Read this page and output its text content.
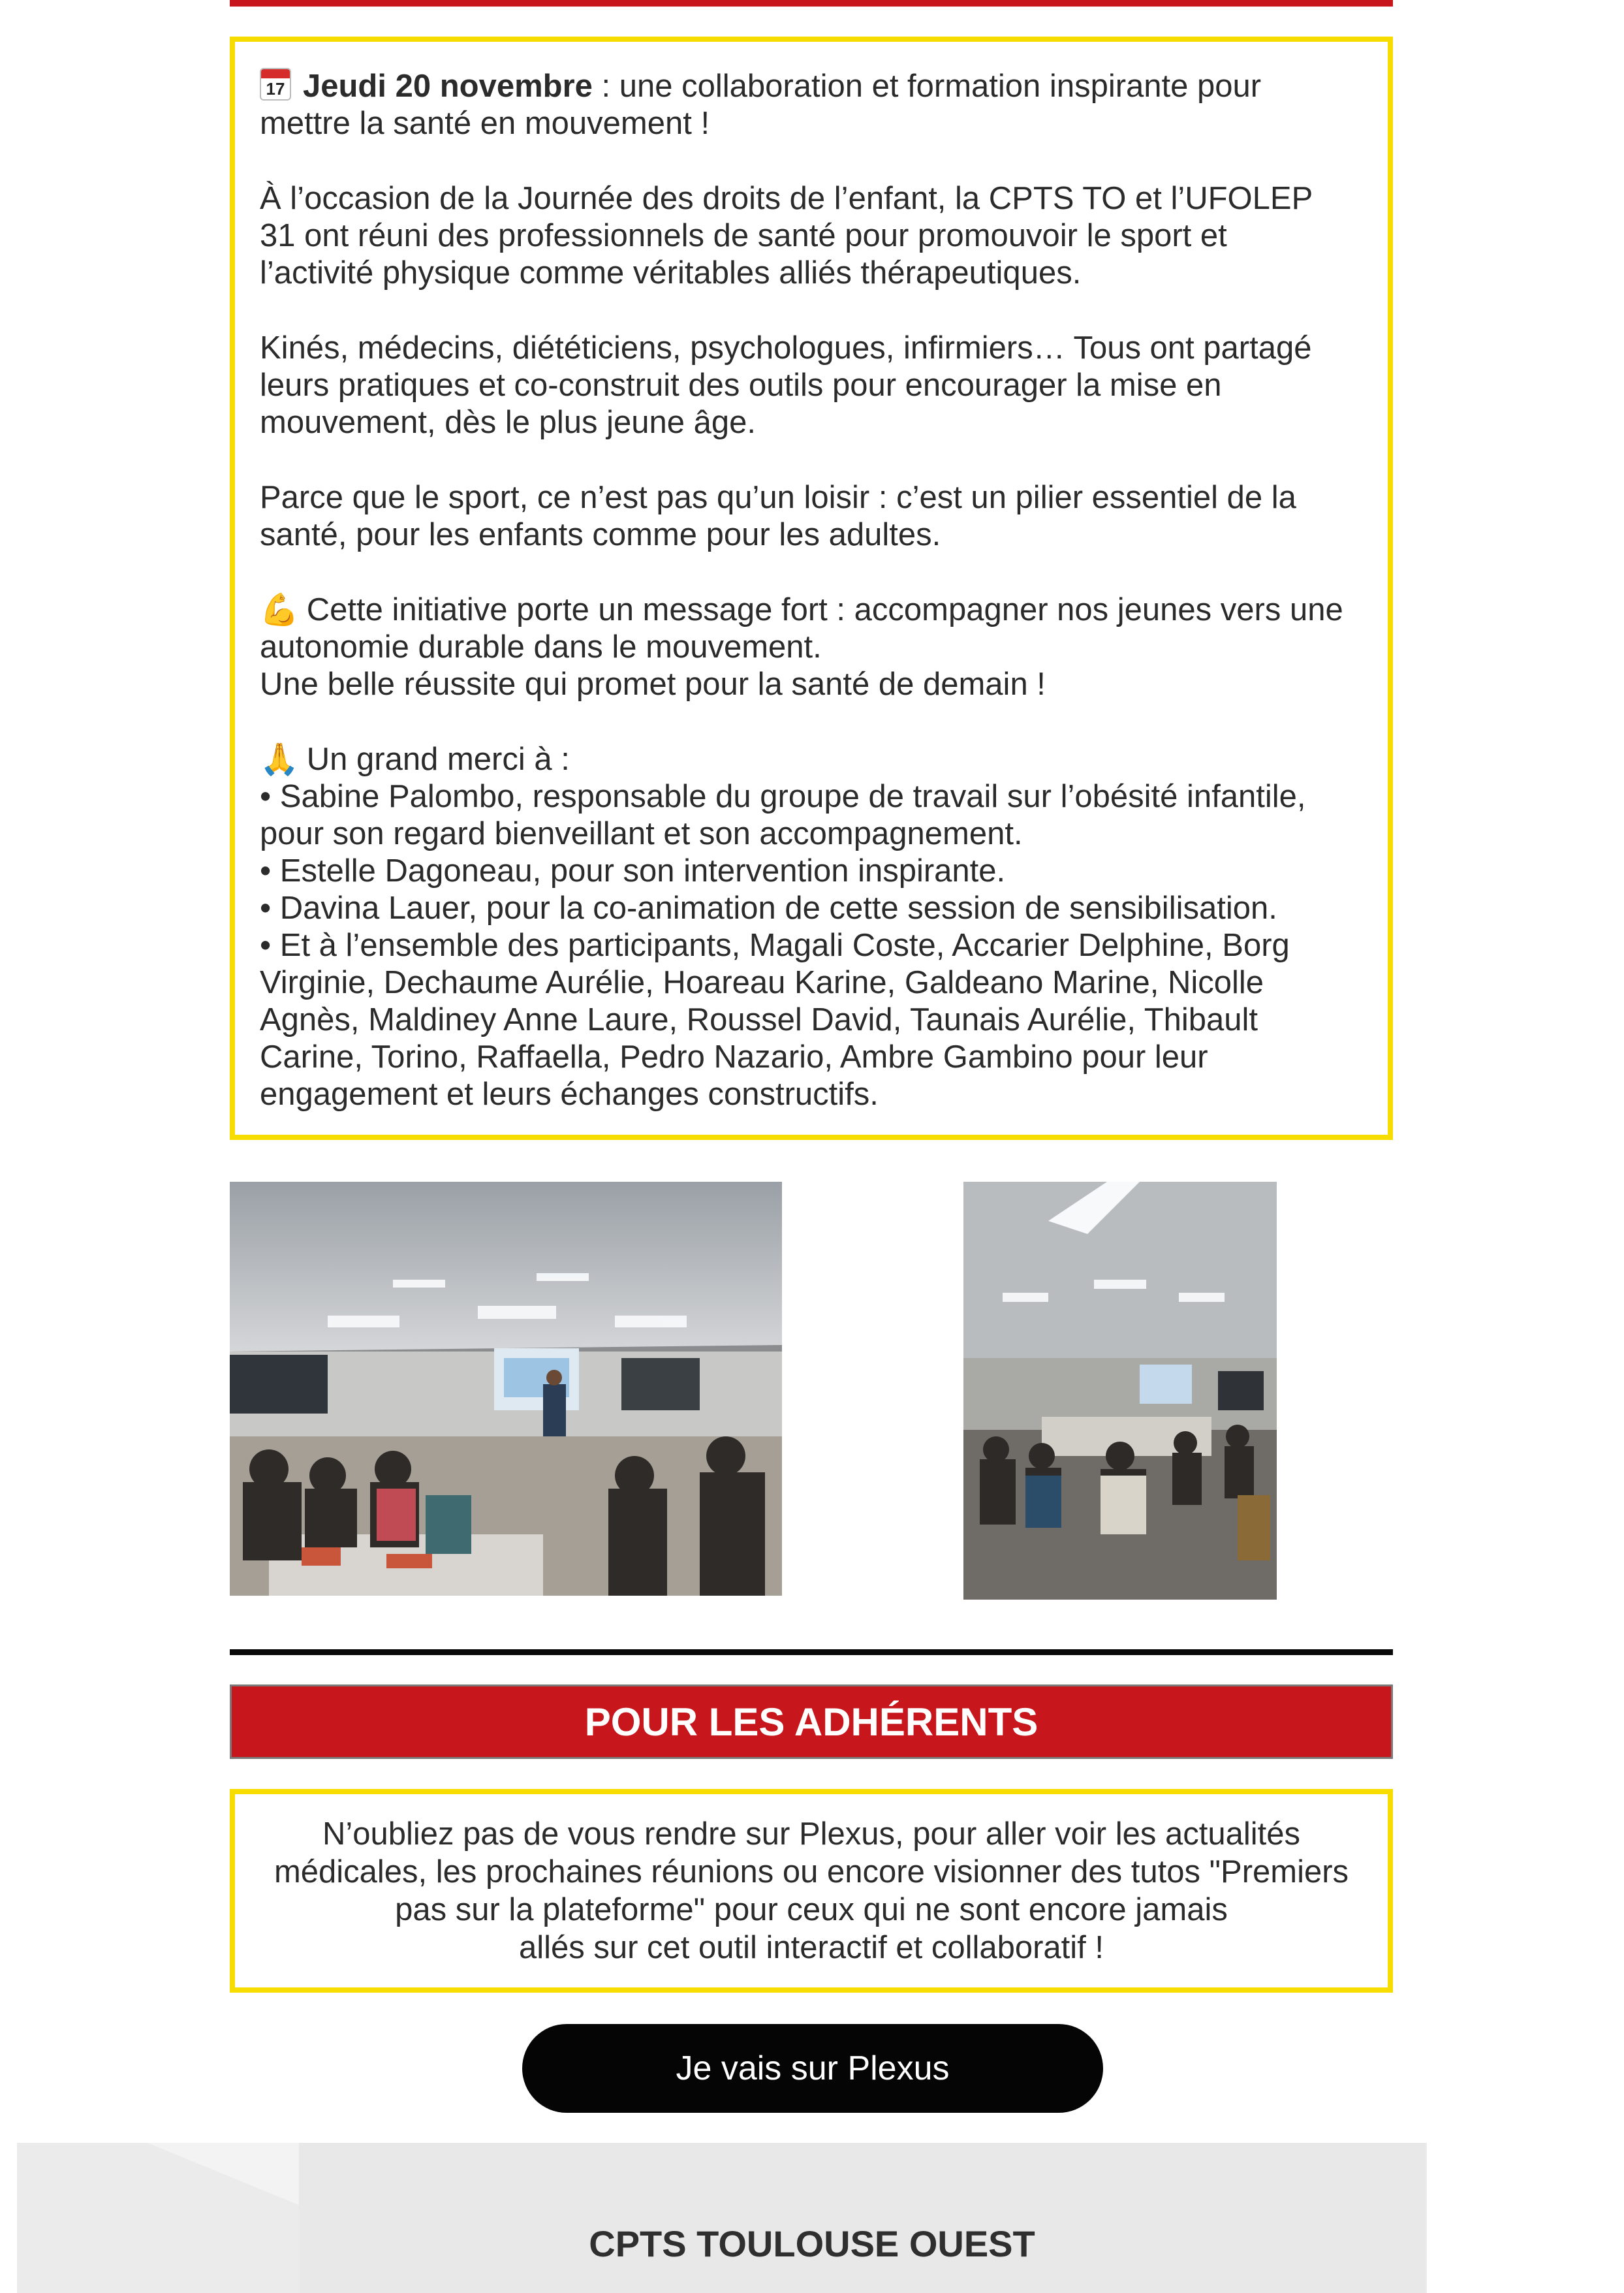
17 Jeudi 20 novembre : une collaboration et formation inspirante pour
mettre la santé en mouvement !

À l’occasion de la Journée des droits de l’enfant, la CPTS TO et l’UFOLEP
31 ont réuni des professionnels de santé pour promouvoir le sport et
l’activité physique comme véritables alliés thérapeutiques.

Kinés, médecins, diététiciens, psychologues, infirmiers… Tous ont partagé
leurs pratiques et co-construit des outils pour encourager la mise en
mouvement, dès le plus jeune âge.

Parce que le sport, ce n’est pas qu’un loisir : c’est un pilier essentiel de la
santé, pour les enfants comme pour les adultes.

💪 Cette initiative porte un message fort : accompagner nos jeunes vers une
autonomie durable dans le mouvement.
Une belle réussite qui promet pour la santé de demain !

🙏 Un grand merci à :
• Sabine Palombo, responsable du groupe de travail sur l’obésité infantile,
pour son regard bienveillant et son accompagnement.
• Estelle Dagoneau, pour son intervention inspirante.
• Davina Lauer, pour la co-animation de cette session de sensibilisation.
• Et à l’ensemble des participants, Magali Coste, Accarier Delphine, Borg
Virginie, Dechaume Aurélie, Hoareau Karine, Galdeano Marine, Nicolle
Agnès, Maldiney Anne Laure, Roussel David, Taunais Aurélie, Thibault
Carine, Torino, Raffaella, Pedro Nazario, Ambre Gambino pour leur
engagement et leurs échanges constructifs.

POUR LES ADHÉRENTS
N’oubliez pas de vous rendre sur Plexus, pour aller voir les actualités
médicales, les prochaines réunions ou encore visionner des tutos "Premiers
pas sur la plateforme" pour ceux qui ne sont encore jamais
allés sur cet outil interactif et collaboratif !
Je vais sur Plexus
CPTS TOULOUSE OUEST
